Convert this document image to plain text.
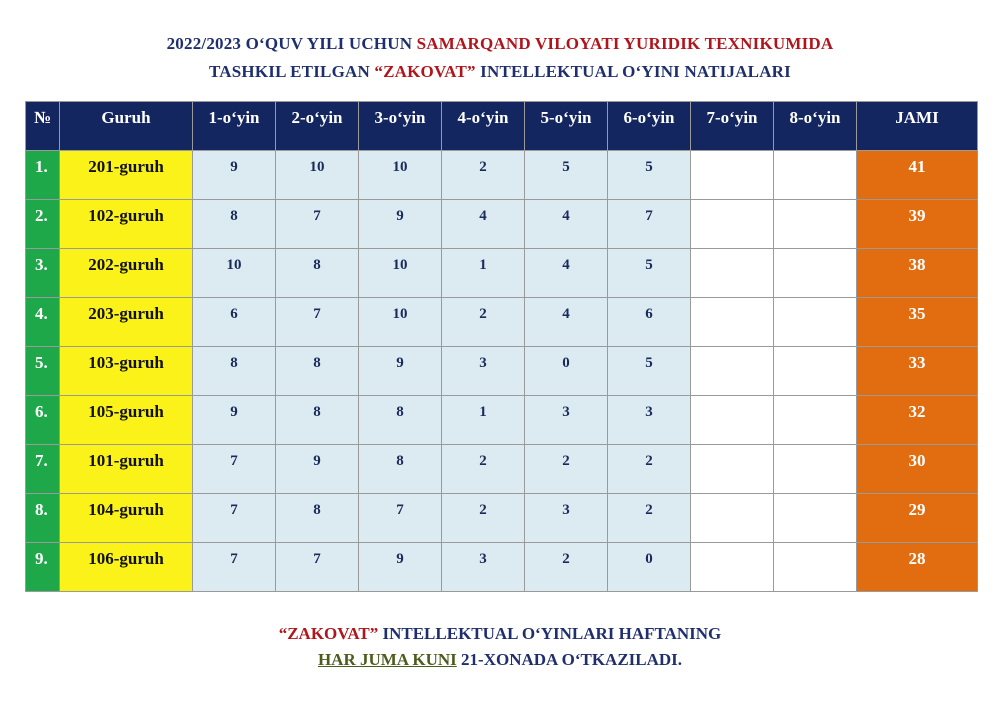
2022/2023 O‘QUV YILI UCHUN SAMARQAND VILOYATI YURIDIK TEXNIKUMIDA
TASHKIL ETILGAN “ZAKOVAT” INTELLEKTUAL O‘YINI NATIJALARI
№	Guruh	1-o‘yin	2-o‘yin	3-o‘yin	4-o‘yin	5-o‘yin	6-o‘yin	7-o‘yin	8-o‘yin	JAMI
1.	201-guruh	9	10	10	2	5	5			41
2.	102-guruh	8	7	9	4	4	7			39
3.	202-guruh	10	8	10	1	4	5			38
4.	203-guruh	6	7	10	2	4	6			35
5.	103-guruh	8	8	9	3	0	5			33
6.	105-guruh	9	8	8	1	3	3			32
7.	101-guruh	7	9	8	2	2	2			30
8.	104-guruh	7	8	7	2	3	2			29
9.	106-guruh	7	7	9	3	2	0			28
“ZAKOVAT” INTELLEKTUAL O‘YINLARI HAFTANING
HAR JUMA KUNI 21-XONADA O‘TKAZILADI.
